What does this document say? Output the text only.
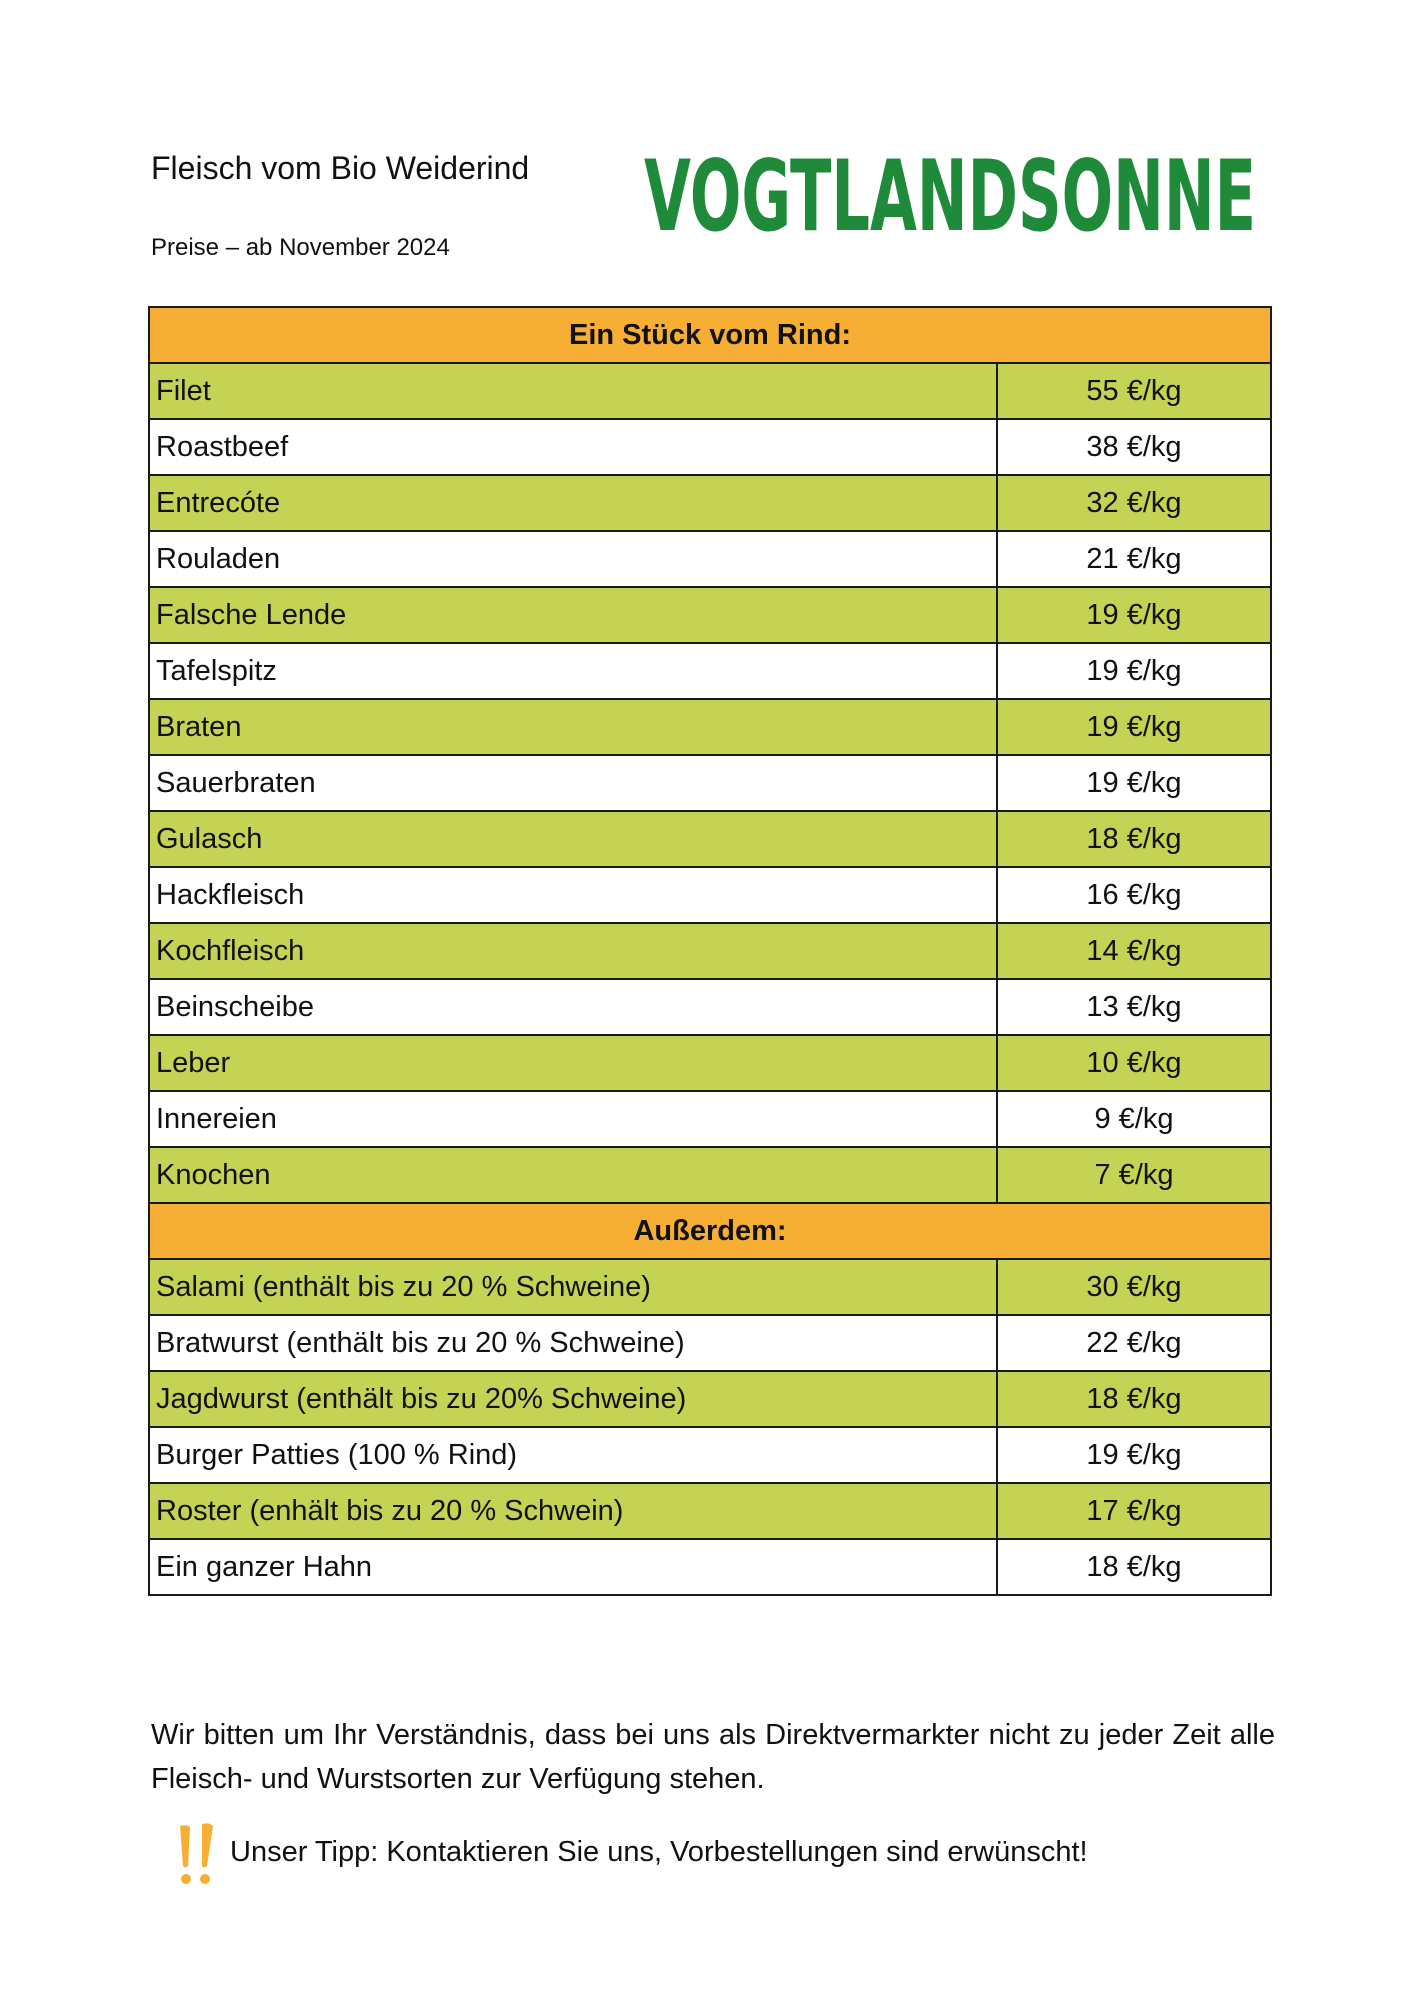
Fleisch vom Bio Weiderind
Preise – ab November 2024 VOGTLANDSONNE
Ein Stück vom Rind:	
Filet	55 €/kg
Roastbeef	38 €/kg
Entrecóte	32 €/kg
Rouladen	21 €/kg
Falsche Lende	19 €/kg
Tafelspitz	19 €/kg
Braten	19 €/kg
Sauerbraten	19 €/kg
Gulasch	18 €/kg
Hackfleisch	16 €/kg
Kochfleisch	14 €/kg
Beinscheibe	13 €/kg
Leber	10 €/kg
Innereien	9 €/kg
Knochen	7 €/kg
Außerdem:	
Salami (enthält bis zu 20 % Schweine)	30 €/kg
Bratwurst (enthält bis zu 20 % Schweine)	22 €/kg
Jagdwurst (enthält bis zu 20% Schweine)	18 €/kg
Burger Patties (100 % Rind)	19 €/kg
Roster (enhält bis zu 20 % Schwein)	17 €/kg
Ein ganzer Hahn	18 €/kg
Wir bitten um Ihr Verständnis, dass bei uns als Direktvermarkter nicht zu jeder Zeit alle Fleisch- und Wurstsorten zur Verfügung stehen.
Unser Tipp: Kontaktieren Sie uns, Vorbestellungen sind erwünscht!
